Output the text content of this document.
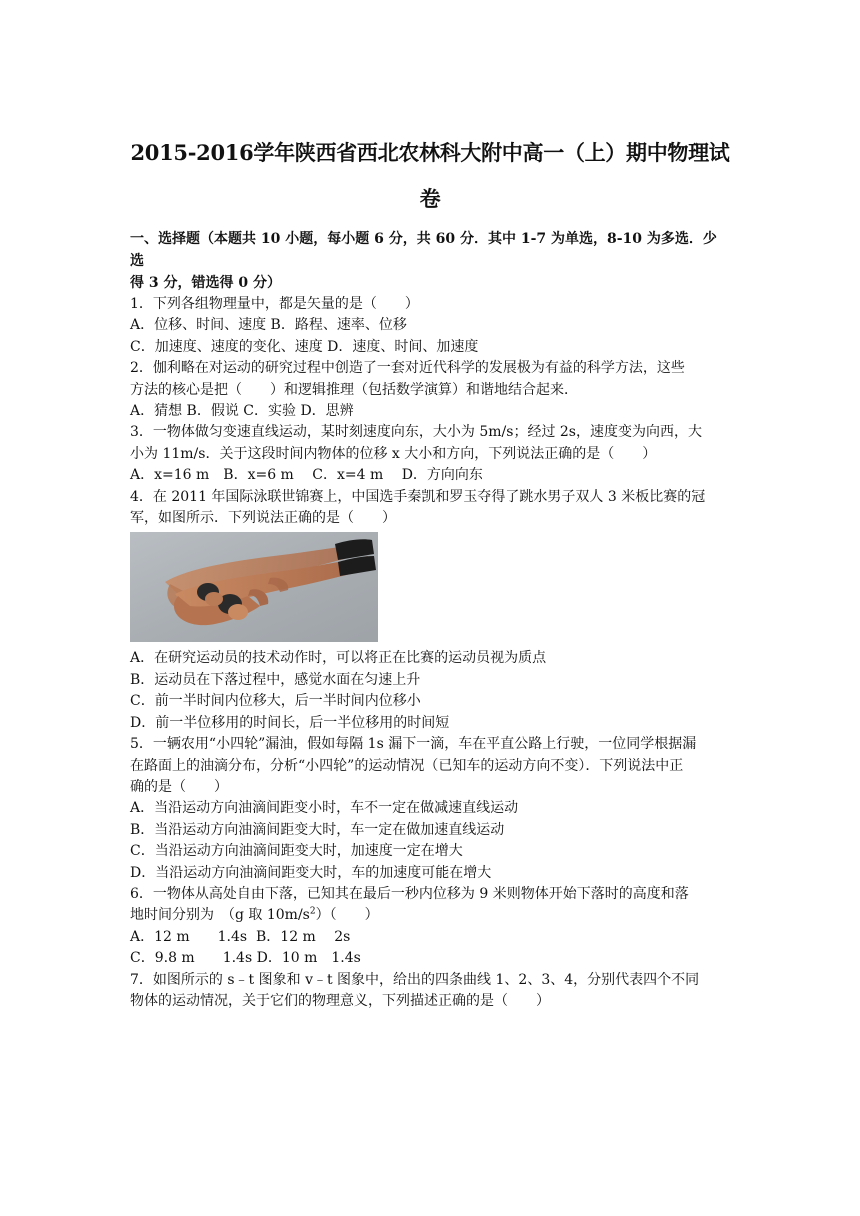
2015-2016学年陕西省西北农林科大附中高一（上）期中物理试
卷

一、选择题（本题共 10 小题，每小题 6 分，共 60 分．其中 1-7 为单选，8-10 为多选．少选

得 3 分，错选得 0 分）

1．下列各组物理量中，都是矢量的是（　　）

A．位移、时间、速度 B．路程、速率、位移

C．加速度、速度的变化、速度 D．速度、时间、加速度

2．伽利略在对运动的研究过程中创造了一套对近代科学的发展极为有益的科学方法，这些

方法的核心是把（　　）和逻辑推理（包括数学演算）和谐地结合起来．

A．猜想 B．假说 C．实验 D．思辨

3．一物体做匀变速直线运动，某时刻速度向东，大小为 5m/s；经过 2s，速度变为向西，大

小为 11m/s．关于这段时间内物体的位移 x 大小和方向，下列说法正确的是（　　）

A．x=16 m　B．x=6 m　 C．x=4 m　 D．方向向东

4．在 2011 年国际泳联世锦赛上，中国选手秦凯和罗玉夺得了跳水男子双人 3 米板比赛的冠

军，如图所示．下列说法正确的是（　　）

A．在研究运动员的技术动作时，可以将正在比赛的运动员视为质点

B．运动员在下落过程中，感觉水面在匀速上升

C．前一半时间内位移大，后一半时间内位移小

D．前一半位移用的时间长，后一半位移用的时间短

5．一辆农用“小四轮”漏油，假如每隔 1s 漏下一滴，车在平直公路上行驶，一位同学根据漏

在路面上的油滴分布，分析“小四轮”的运动情况（已知车的运动方向不变）．下列说法中正

确的是（　　）

A．当沿运动方向油滴间距变小时，车不一定在做减速直线运动

B．当沿运动方向油滴间距变大时，车一定在做加速直线运动

C．当沿运动方向油滴间距变大时，加速度一定在增大

D．当沿运动方向油滴间距变大时，车的加速度可能在增大

6．一物体从高处自由下落，已知其在最后一秒内位移为 9 米则物体开始下落时的高度和落

地时间分别为　（g 取 $10m/s^2$）（　　）

A．12 m　　1.4s  B．12 m　 2s

C．9.8 m　　1.4s D．10 m　1.4s

7．如图所示的 s﹣t 图象和 v﹣t 图象中，给出的四条曲线 1、2、3、4，分别代表四个不同

物体的运动情况，关于它们的物理意义，下列描述正确的是（　　）
